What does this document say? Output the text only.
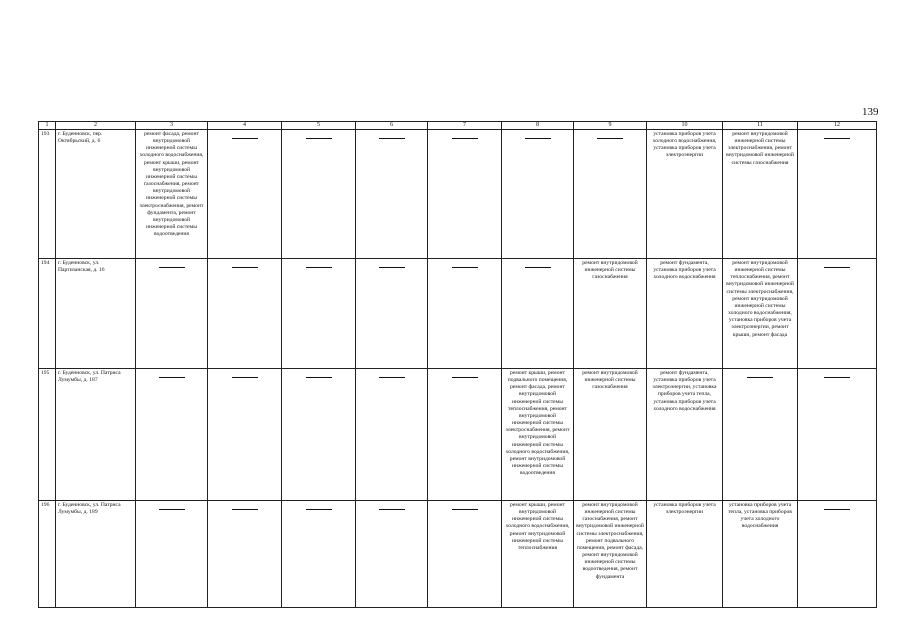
139
1	2	3	4	5	6	7	8	9	10	11	12
193	г. Буденновск, пер. Октябрьский, д. 6	ремонт фасада, ремонт внутридомовой инженерной системы холодного водоснабжения, ремонт крыши, ремонт внутридомовой инженерной системы газоснабжения, ремонт внутридомовой инженерной системы электроснабжения, ремонт фундамента, ремонт внутридомовой инженерной системы водоотведения							установка приборов учета холодного водоснабжения, установка приборов учета электроэнергии	ремонт внутридомовой инженерной системы электроснабжения, ремонт внутридомовой инженерной системы газоснабжения	

194	г. Буденновск, ул. Партизанская, д. 16							ремонт внутридомовой инженерной системы газоснабжения	ремонт фундамента, установка приборов учета холодного водоснабжения	ремонт внутридомовой инженерной системы теплоснабжения, ремонт внутридомовой инженерной системы электроснабжения, ремонт внутридомовой инженерной системы холодного водоснабжения, установка приборов учета электроэнергии, ремонт крыши, ремонт фасада	

195	г. Буденновск, ул. Патриса Лумумбы, д. 187						ремонт крыши, ремонт подвального помещения, ремонт фасада, ремонт внутридомовой инженерной системы теплоснабжения, ремонт внутридомовой инженерной системы электроснабжения, ремонт внутридомовой инженерной системы холодного водоснабжения, ремонт внутридомовой инженерной системы водоотведения	ремонт внутридомовой инженерной системы газоснабжения	ремонт фундамента, установка приборов учета электроэнергии, установка приборов учета тепла, установка приборов учета холодного водоснабжения	

196	г. Буденновск, ул. Патриса Лумумбы, д. 189						ремонт крыши, ремонт внутридомовой инженерной системы холодного водоснабжения, ремонт внутридомовой инженерной системы теплоснабжения	ремонт внутридомовой инженерной системы газоснабжения, ремонт внутридомовой инженерной системы электроснабжения, ремонт подвального помещения, ремонт фасада, ремонт внутридомовой инженерной системы водоотведения, ремонт фундамента	установка приборов учета электроэнергии	установка приборов учета тепла, установка приборов учета холодного водоснабжения	
